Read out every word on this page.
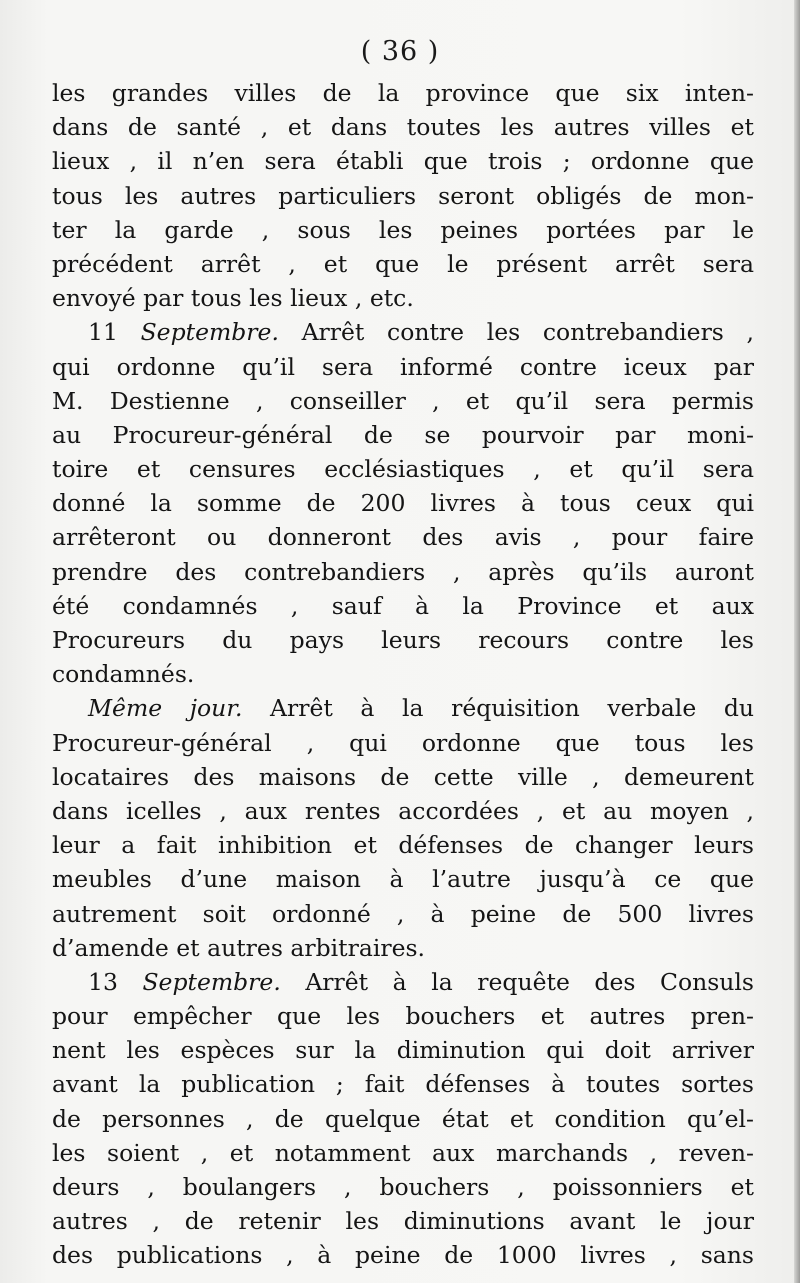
( 36 )
les grandes villes de la province que six inten-
dans de santé , et dans toutes les autres villes et
lieux , il n’en sera établi que trois ; ordonne que
tous les autres particuliers seront obligés de mon-
ter la garde , sous les peines portées par le
précédent arrêt , et que le présent arrêt sera
envoyé par tous les lieux , etc.
11 Septembre. Arrêt contre les contrebandiers ,
qui ordonne qu’il sera informé contre iceux par
M. Destienne , conseiller , et qu’il sera permis
au Procureur-général de se pourvoir par moni-
toire et censures ecclésiastiques , et qu’il sera
donné la somme de 200 livres à tous ceux qui
arrêteront ou donneront des avis , pour faire
prendre des contrebandiers , après qu’ils auront
été condamnés , sauf à la Province et aux
Procureurs du pays leurs recours contre les
condamnés.
Même jour. Arrêt à la réquisition verbale du
Procureur-général , qui ordonne que tous les
locataires des maisons de cette ville , demeurent
dans icelles , aux rentes accordées , et au moyen ,
leur a fait inhibition et défenses de changer leurs
meubles d’une maison à l’autre jusqu’à ce que
autrement soit ordonné , à peine de 500 livres
d’amende et autres arbitraires.
13 Septembre. Arrêt à la requête des Consuls
pour empêcher que les bouchers et autres pren-
nent les espèces sur la diminution qui doit arriver
avant la publication ; fait défenses à toutes sortes
de personnes , de quelque état et condition qu’el-
les soient , et notamment aux marchands , reven-
deurs , boulangers , bouchers , poissonniers et
autres , de retenir les diminutions avant le jour
des publications , à peine de 1000 livres , sans
